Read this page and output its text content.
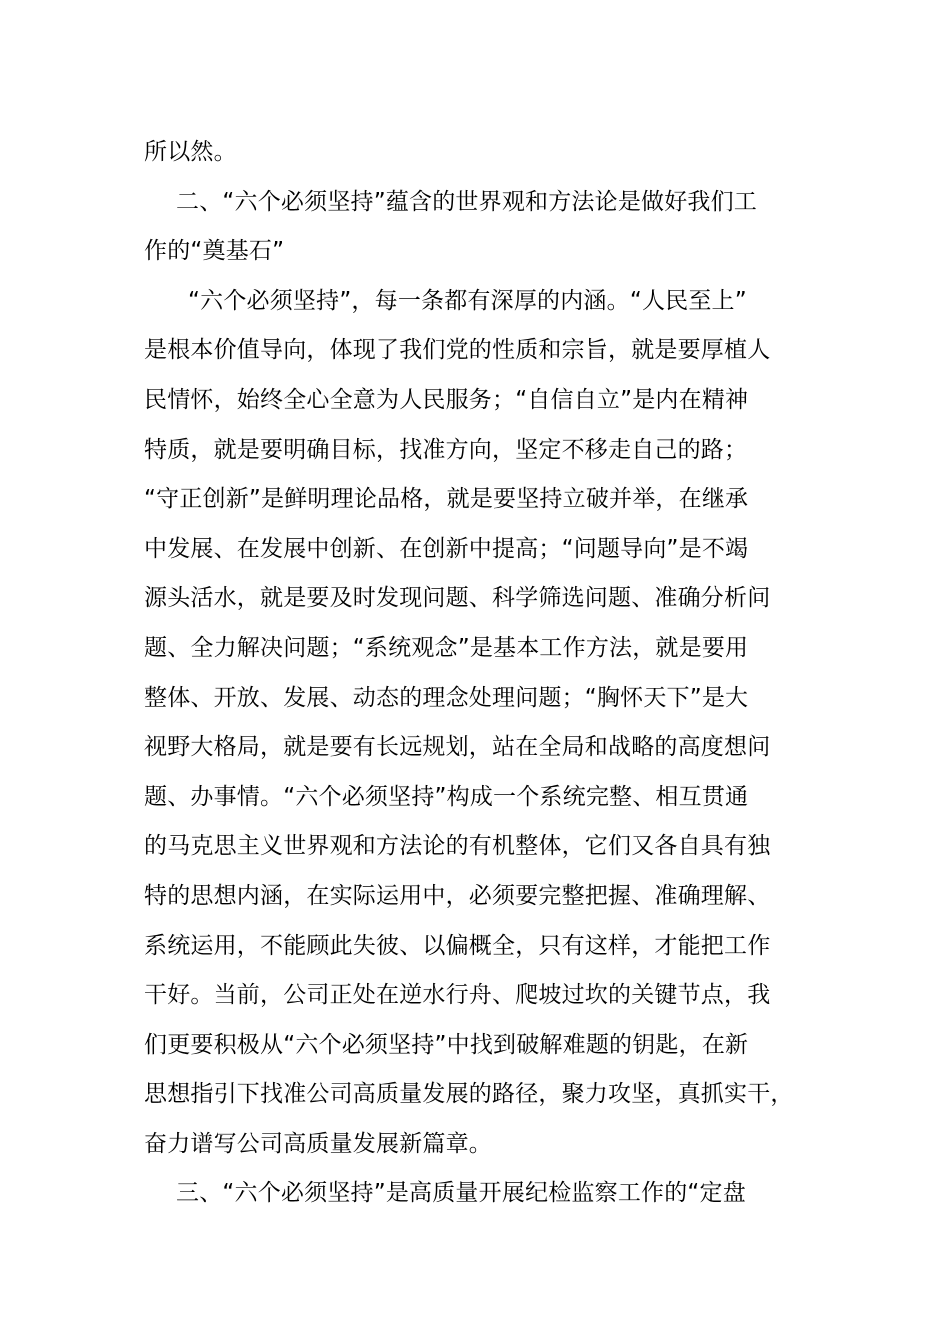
所以然。
二、“六个必须坚持”蕴含的世界观和方法论是做好我们工
作的“奠基石”
“六个必须坚持”，每一条都有深厚的内涵。“人民至上”
是根本价值导向，体现了我们党的性质和宗旨，就是要厚植人
民情怀，始终全心全意为人民服务；“自信自立”是内在精神
特质，就是要明确目标，找准方向，坚定不移走自己的路；
“守正创新”是鲜明理论品格，就是要坚持立破并举，在继承
中发展、在发展中创新、在创新中提高；“问题导向”是不竭
源头活水，就是要及时发现问题、科学筛选问题、准确分析问
题、全力解决问题；“系统观念”是基本工作方法，就是要用
整体、开放、发展、动态的理念处理问题；“胸怀天下”是大
视野大格局，就是要有长远规划，站在全局和战略的高度想问
题、办事情。“六个必须坚持”构成一个系统完整、相互贯通
的马克思主义世界观和方法论的有机整体，它们又各自具有独
特的思想内涵，在实际运用中，必须要完整把握、准确理解、
系统运用，不能顾此失彼、以偏概全，只有这样，才能把工作
干好。当前，公司正处在逆水行舟、爬坡过坎的关键节点，我
们更要积极从“六个必须坚持”中找到破解难题的钥匙，在新
思想指引下找准公司高质量发展的路径，聚力攻坚，真抓实干，
奋力谱写公司高质量发展新篇章。
三、“六个必须坚持”是高质量开展纪检监察工作的“定盘
